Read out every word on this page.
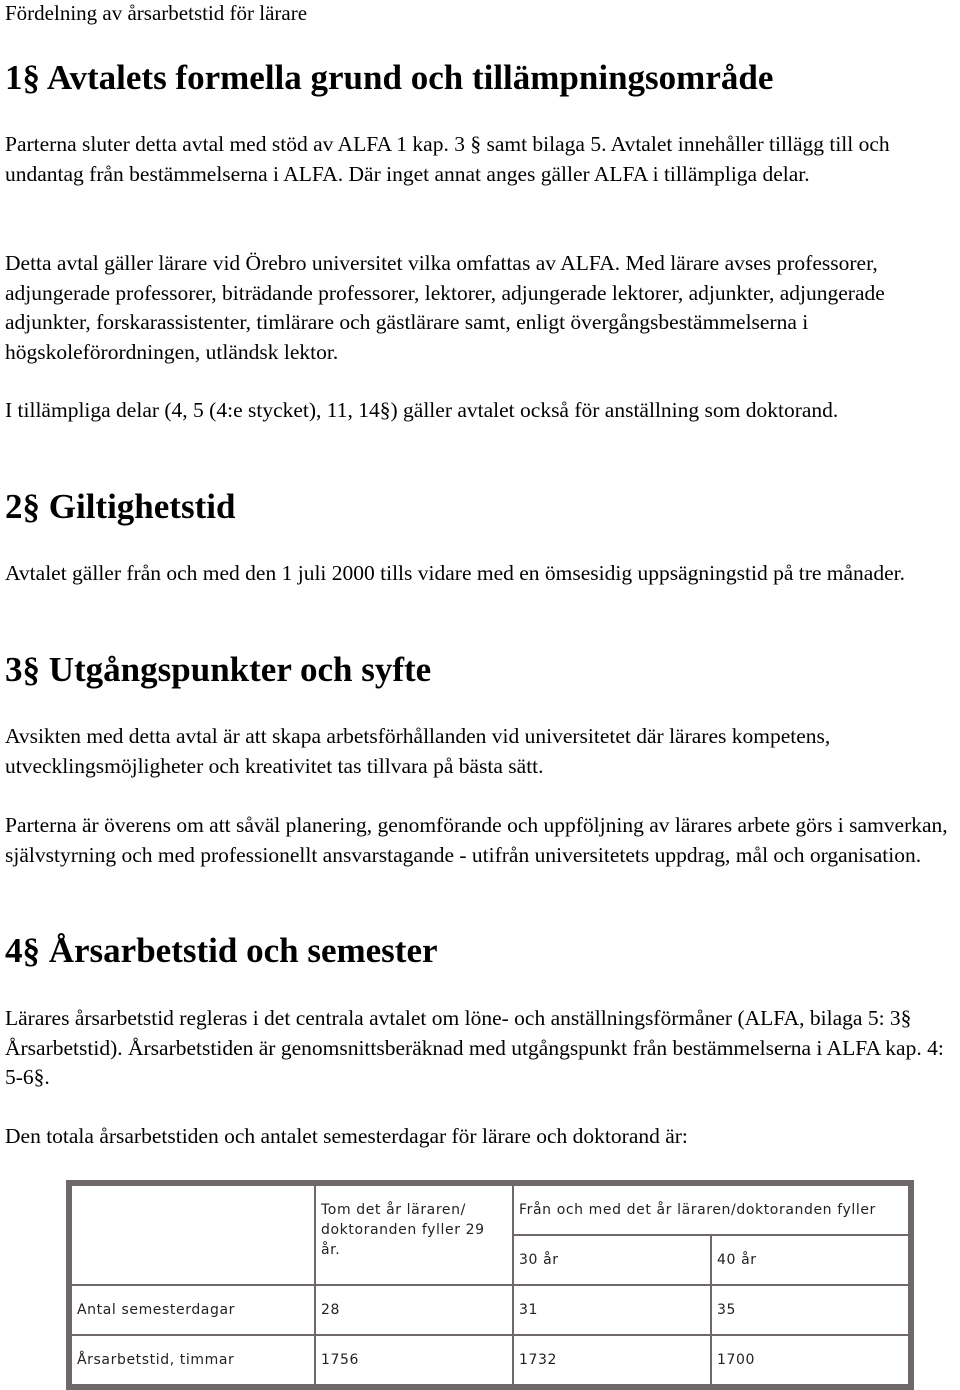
Fördelning av årsarbetstid för lärare
1§ Avtalets formella grund och tillämpningsområde

Parterna sluter detta avtal med stöd av ALFA 1 kap. 3 § samt bilaga 5. Avtalet innehåller tillägg till och undantag från bestämmelserna i ALFA. Där inget annat anges gäller ALFA i tillämpliga delar.

Detta avtal gäller lärare vid Örebro universitet vilka omfattas av ALFA. Med lärare avses professorer, adjungerade professorer, biträdande professorer, lektorer, adjungerade lektorer, adjunkter, adjungerade adjunkter, forskarassistenter, timlärare och gästlärare samt, enligt övergångsbestämmelserna i högskoleförordningen, utländsk lektor.

I tillämpliga delar (4, 5 (4:e stycket), 11, 14§) gäller avtalet också för anställning som doktorand.

2§ Giltighetstid

Avtalet gäller från och med den 1 juli 2000 tills vidare med en ömsesidig uppsägningstid på tre månader.

3§ Utgångspunkter och syfte

Avsikten med detta avtal är att skapa arbetsförhållanden vid universitetet där lärares kompetens, utvecklingsmöjligheter och kreativitet tas tillvara på bästa sätt.

Parterna är överens om att såväl planering, genomförande och uppföljning av lärares arbete görs i samverkan, självstyrning och med professionellt ansvarstagande - utifrån universitetets uppdrag, mål och organisation.

4§ Årsarbetstid och semester

Lärares årsarbetstid regleras i det centrala avtalet om löne- och anställningsförmåner (ALFA, bilaga 5: 3§ Årsarbetstid). Årsarbetstiden är genomsnittsberäknad med utgångspunkt från bestämmelserna i ALFA kap. 4: 5-6§.

Den totala årsarbetstiden och antalet semesterdagar för lärare och doktorand är:

	Tom det år läraren/ doktoranden fyller 29 år.	Från och med det år läraren/doktoranden fyller	
		30 år	40 år
Antal semesterdagar	28	31	35
Årsarbetstid, timmar	1756	1732	1700
